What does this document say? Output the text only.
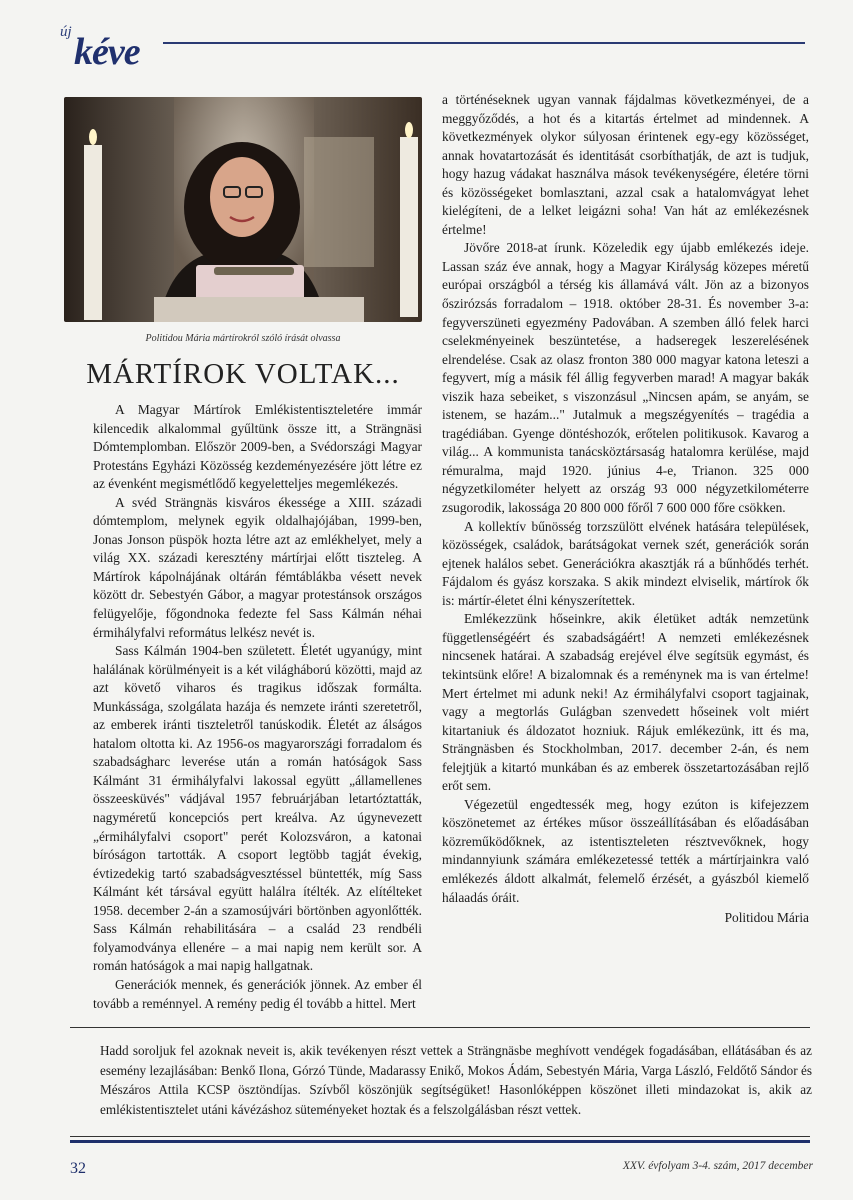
új kéve
Politidou Mária mártírokról szóló írását olvassa
MÁRTÍROK VOLTAK...

A Magyar Mártírok Emlékistentiszteletére immár kilencedik alkalommal gyűltünk össze itt, a Strängnäsi Dómtemplomban. Először 2009-ben, a Svédországi Magyar Protestáns Egyházi Közösség kezdeményezésére jött létre ez az évenként megismétlődő kegyeletteljes megemlékezés.

A svéd Strängnäs kisváros ékessége a XIII. századi dómtemplom, melynek egyik oldalhajójában, 1999-ben, Jonas Jonson püspök hozta létre azt az emlékhelyet, mely a világ XX. századi keresztény mártírjai előtt tiszteleg. A Mártírok kápolnájának oltárán fémtáblákba vésett nevek között dr. Sebestyén Gábor, a magyar protestánsok országos felügyelője, főgondnoka fedezte fel Sass Kálmán néhai érmihályfalvi református lelkész nevét is.

Sass Kálmán 1904-ben született. Életét ugyanúgy, mint halálának körülményeit is a két világháború közötti, majd az azt követő viharos és tragikus időszak formálta. Munkássága, szolgálata hazája és nemzete iránti szeretetről, az emberek iránti tiszteletről tanúskodik. Életét az álságos hatalom oltotta ki. Az 1956-os magyarországi forradalom és szabadságharc leverése után a román hatóságok Sass Kálmánt 31 érmihályfalvi lakossal együtt „államellenes összeesküvés" vádjával 1957 februárjában letartóztatták, nagyméretű koncepciós pert kreálva. Az úgynevezett „érmihályfalvi csoport" perét Kolozsváron, a katonai bíróságon tartották. A csoport legtöbb tagját évekig, évtizedekig tartó szabadságvesztéssel büntették, míg Sass Kálmánt két társával együtt halálra ítélték. Az elítélteket 1958. december 2-án a szamosújvári börtönben agyonlőtték. Sass Kálmán rehabilitására – a család 23 rendbéli folyamodványa ellenére – a mai napig nem került sor. A román hatóságok a mai napig hallgatnak.

Generációk mennek, és generációk jönnek. Az ember él tovább a reménnyel. A remény pedig él tovább a hittel. Mert

a történéseknek ugyan vannak fájdalmas következményei, de a meggyőződés, a hot és a kitartás értelmet ad mindennek. A következmények olykor súlyosan érintenek egy-egy közösséget, annak hovatartozását és identitását csorbíthatják, de azt is tudjuk, hogy hazug vádakat használva mások tevékenységére, életére törni és közösségeket bomlasztani, azzal csak a hatalomvágyat lehet kielégíteni, de a lelket leigázni soha! Van hát az emlékezésnek értelme!

Jövőre 2018-at írunk. Közeledik egy újabb emlékezés ideje. Lassan száz éve annak, hogy a Magyar Királyság közepes méretű európai országból a térség kis államává vált. Jön az a bizonyos őszirózsás forradalom – 1918. október 28-31. És november 3-a: fegyverszüneti egyezmény Padovában. A szemben álló felek harci cselekményeinek beszüntetése, a hadseregek leszerelésének elrendelése. Csak az olasz fronton 380 000 magyar katona leteszi a fegyvert, míg a másik fél állig fegyverben marad! A magyar bakák viszik haza sebeiket, s viszonzásul „Nincsen apám, se anyám, se istenem, se hazám..." Jutalmuk a megszégyenítés – tragédia a tragédiában. Gyenge döntéshozók, erőtelen politikusok. Kavarog a világ... A kommunista tanácsköztársaság hatalomra kerülése, majd rémuralma, majd 1920. június 4-e, Trianon. 325 000 négyzetkilométer helyett az ország 93 000 négyzetkilométerre zsugorodik, lakossága 20 800 000 főről 7 600 000 főre csökken.

A kollektív bűnösség torzszülött elvének hatására települések, közösségek, családok, barátságokat vernek szét, generációk során ejtenek halálos sebet. Generációkra akasztják rá a bűnhődés terhét. Fájdalom és gyász korszaka. S akik mindezt elviselik, mártírok ők is: mártír-életet élni kényszerítettek.

Emlékezzünk hőseinkre, akik életüket adták nemzetünk függetlenségéért és szabadságáért! A nemzeti emlékezésnek nincsenek határai. A szabadság erejével élve segítsük egymást, és tekintsünk előre! A bizalomnak és a reménynek ma is van értelme! Mert értelmet mi adunk neki! Az érmihályfalvi csoport tagjainak, vagy a megtorlás Gulágban szenvedett hőseinek volt miért kitartaniuk és áldozatot hozniuk. Rájuk emlékezünk, itt és ma, Strängnäsben és Stockholmban, 2017. december 2-án, és nem felejtjük a kitartó munkában és az emberek összetartozásában rejlő erőt sem.

Végezetül engedtessék meg, hogy ezúton is kifejezzem köszönetemet az értékes műsor összeállításában és előadásában közreműködőknek, az istentiszteleten résztvevőknek, hogy mindannyiunk számára emlékezetessé tették a mártírjainkra való emlékezés áldott alkalmát, felemelő érzését, a gyászból kiemelő hálaadás óráit.

Politidou Mária

Hadd soroljuk fel azoknak neveit is, akik tevékenyen részt vettek a Strängnäsbe meghívott vendégek fogadásában, ellátásában és az esemény lezajlásában: Benkő Ilona, Górzó Tünde, Madarassy Enikő, Mokos Ádám, Sebestyén Mária, Varga László, Feldőtő Sándor és Mészáros Attila KCSP ösztöndíjas. Szívből köszönjük segítségüket! Hasonlóképpen köszönet illeti mindazokat is, akik az emlékistentisztelet utáni kávézáshoz süteményeket hoztak és a felszolgálásban részt vettek.
32	XXV. évfolyam 3-4. szám, 2017 december
